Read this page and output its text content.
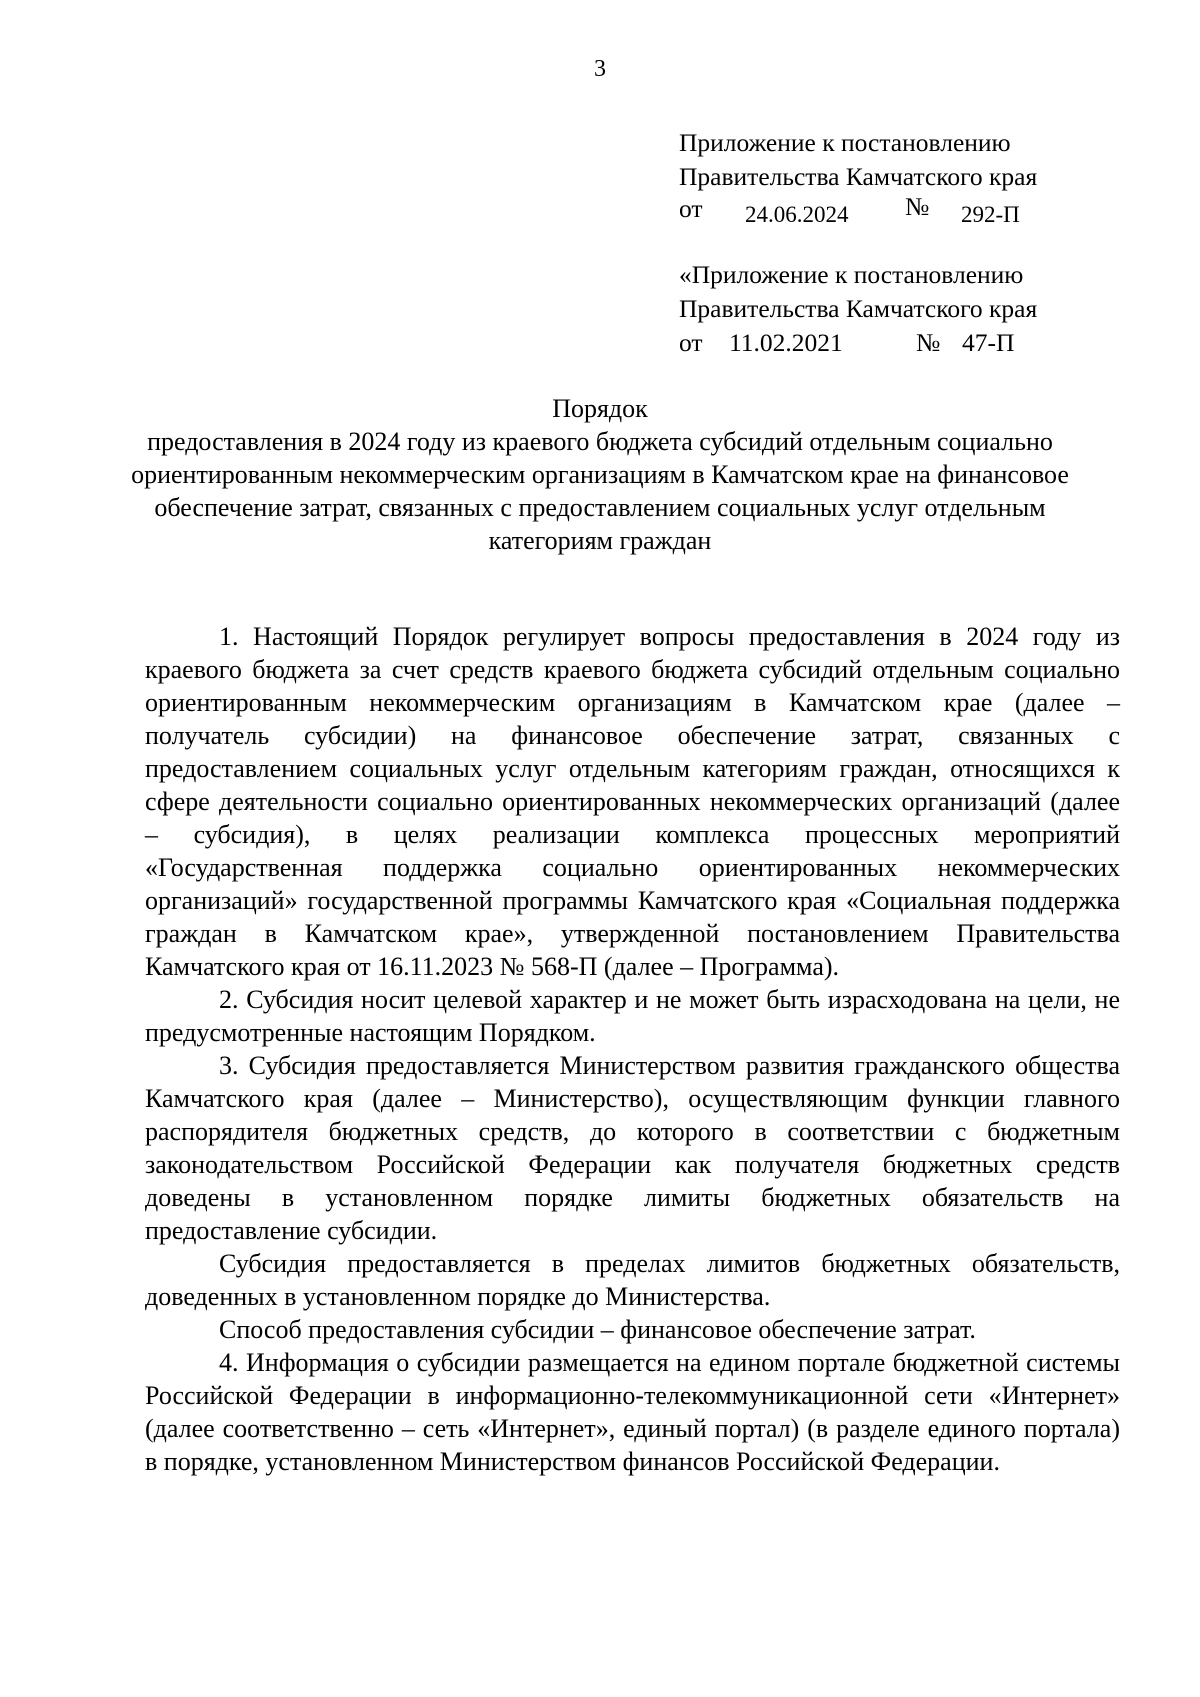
3
Приложение к постановлению
Правительства Камчатского края
от 24.06.2024 № 292-П
«Приложение к постановлению
Правительства Камчатского края
от 11.02.2021	№ 47-П
Порядок
предоставления в 2024 году из краевого бюджета субсидий отдельным социально ориентированным некоммерческим организациям в Камчатском крае на финансовое обеспечение затрат, связанных с предоставлением социальных услуг отдельным категориям граждан

1. Настоящий Порядок регулирует вопросы предоставления в 2024 году из краевого бюджета за счет средств краевого бюджета субсидий отдельным социально ориентированным некоммерческим организациям в Камчатском крае (далее – получатель субсидии) на финансовое обеспечение затрат, связанных с предоставлением социальных услуг отдельным категориям граждан, относящихся к сфере деятельности социально ориентированных некоммерческих организаций (далее – субсидия), в целях реализации комплекса процессных мероприятий «Государственная поддержка социально ориентированных некоммерческих организаций» государственной программы Камчатского края «Социальная поддержка граждан в Камчатском крае», утвержденной постановлением Правительства Камчатского края от 16.11.2023 № 568-П (далее – Программа).

2. Субсидия носит целевой характер и не может быть израсходована на цели, не предусмотренные настоящим Порядком.

3. Субсидия предоставляется Министерством развития гражданского общества Камчатского края (далее – Министерство), осуществляющим функции главного распорядителя бюджетных средств, до которого в соответствии с бюджетным законодательством Российской Федерации как получателя бюджетных средств доведены в установленном порядке лимиты бюджетных обязательств на предоставление субсидии.

Субсидия предоставляется в пределах лимитов бюджетных обязательств, доведенных в установленном порядке до Министерства.

Способ предоставления субсидии – финансовое обеспечение затрат.

4. Информация о субсидии размещается на едином портале бюджетной системы Российской Федерации в информационно-телекоммуникационной сети «Интернет» (далее соответственно – сеть «Интернет», единый портал) (в разделе единого портала) в порядке, установленном Министерством финансов Российской Федерации.
